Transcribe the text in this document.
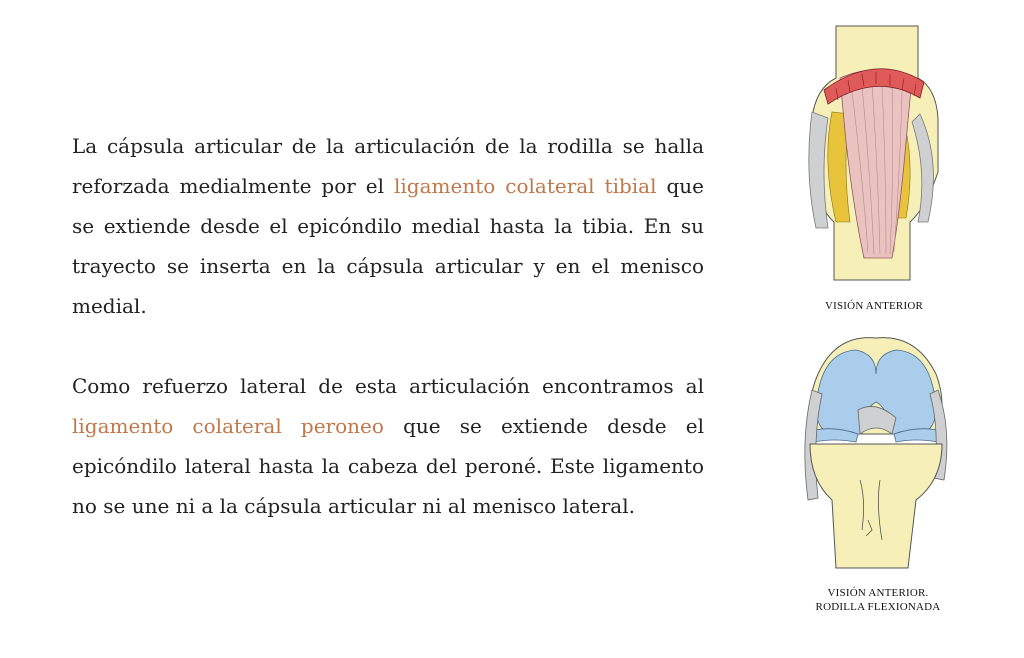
La cápsula articular de la articulación de la rodilla se halla reforzada medialmente por el ligamento colateral tibial que se extiende desde el epicóndilo medial hasta la tibia. En su trayecto se inserta en la cápsula articular y en el menisco medial.
Como refuerzo lateral de esta articulación encontramos al ligamento colateral peroneo que se extiende desde el epicóndilo lateral hasta la cabeza del peroné. Este ligamento no se une ni a la cápsula articular ni al menisco lateral.
VISIÓN ANTERIOR
VISIÓN ANTERIOR.
RODILLA FLEXIONADA
